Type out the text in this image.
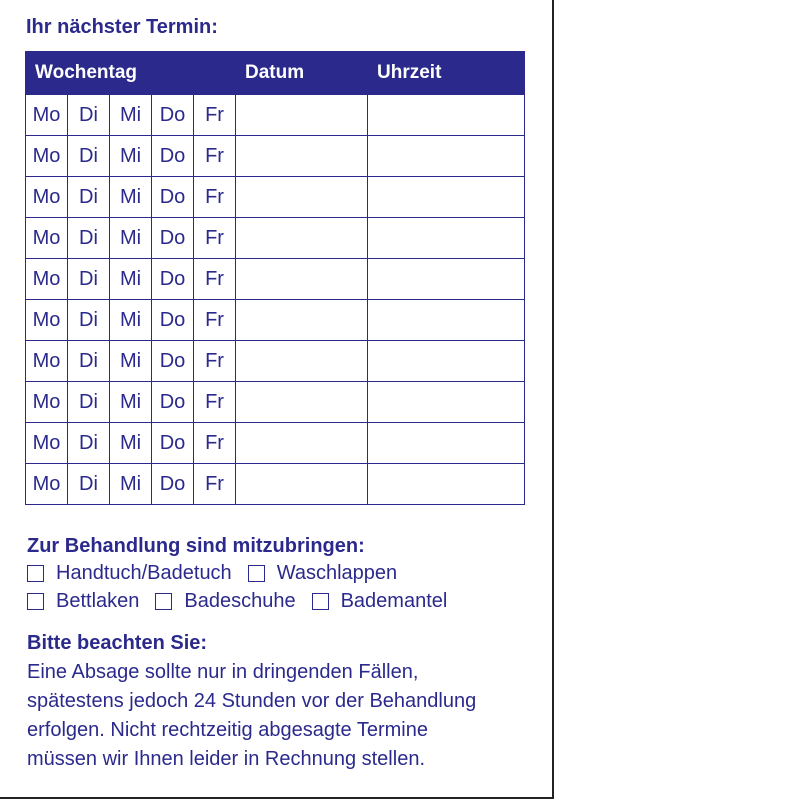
Ihr nächster Termin:
Wochentag					Datum	Uhrzeit
Mo	Di	Mi	Do	Fr		
Mo	Di	Mi	Do	Fr		
Mo	Di	Mi	Do	Fr		
Mo	Di	Mi	Do	Fr		
Mo	Di	Mi	Do	Fr		
Mo	Di	Mi	Do	Fr		
Mo	Di	Mi	Do	Fr		
Mo	Di	Mi	Do	Fr		
Mo	Di	Mi	Do	Fr		
Mo	Di	Mi	Do	Fr		
Zur Behandlung sind mitzubringen:
Handtuch/Badetuch Waschlappen
Bettlaken Badeschuhe Bademantel
Bitte beachten Sie:
Eine Absage sollte nur in dringenden Fällen,
spätestens jedoch 24 Stunden vor der Behandlung
erfolgen. Nicht rechtzeitig abgesagte Termine
müssen wir Ihnen leider in Rechnung stellen.
